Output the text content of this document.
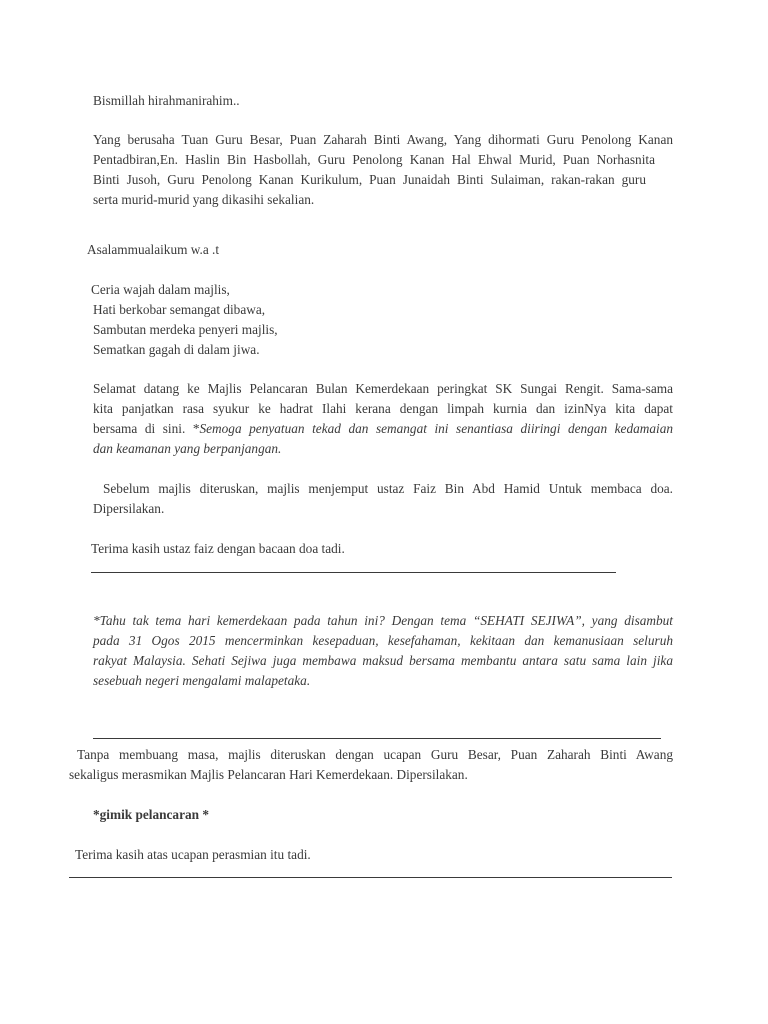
Bismillah hirahmanirahim..

Yang berusaha Tuan Guru Besar, Puan Zaharah Binti Awang, Yang dihormati Guru Penolong Kanan
Pentadbiran,En. Haslin Bin Hasbollah, Guru Penolong Kanan Hal Ehwal Murid, Puan Norhasnita
Binti Jusoh, Guru Penolong Kanan Kurikulum, Puan Junaidah Binti Sulaiman, rakan-rakan guru
serta murid-murid yang dikasihi sekalian.

Asalammualaikum w.a .t

Ceria wajah dalam majlis,
Hati berkobar semangat dibawa,
Sambutan merdeka penyeri majlis,
Sematkan gagah di dalam jiwa.
Selamat datang ke Majlis Pelancaran Bulan Kemerdekaan peringkat SK Sungai Rengit. Sama-sama
kita panjatkan rasa syukur ke hadrat Ilahi kerana dengan limpah kurnia dan izinNya kita dapat
bersama di sini. *Semoga penyatuan tekad dan semangat ini senantiasa diiringi dengan kedamaian
dan keamanan yang berpanjangan.
Sebelum majlis diteruskan, majlis menjemput ustaz Faiz Bin Abd Hamid Untuk membaca doa.
Dipersilakan.

Terima kasih ustaz faiz dengan bacaan doa tadi.

*Tahu tak tema hari kemerdekaan pada tahun ini? Dengan tema “SEHATI SEJIWA”, yang disambut
pada 31 Ogos 2015 mencerminkan kesepaduan, kesefahaman, kekitaan dan kemanusiaan seluruh
rakyat Malaysia. Sehati Sejiwa juga membawa maksud bersama membantu antara satu sama lain jika
sesebuah negeri mengalami malapetaka.
Tanpa membuang masa, majlis diteruskan dengan ucapan Guru Besar, Puan Zaharah Binti Awang
sekaligus merasmikan Majlis Pelancaran Hari Kemerdekaan. Dipersilakan.

*gimik pelancaran *

Terima kasih atas ucapan perasmian itu tadi.
